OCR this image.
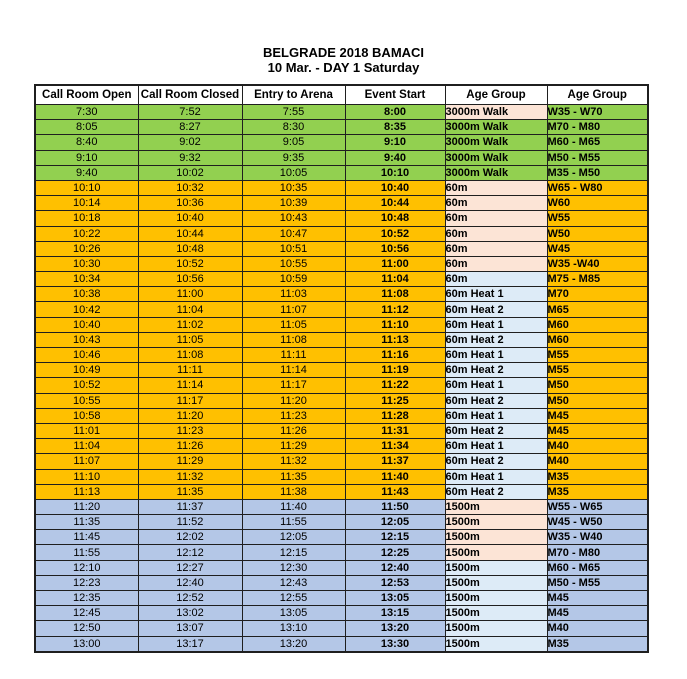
BELGRADE 2018 BAMACI
10 Mar. - DAY 1 Saturday
Call Room Open	Call Room Closed	Entry to Arena	Event Start	Age Group	Age Group
7:30	7:52	7:55	8:00	3000m Walk	W35 - W70
8:05	8:27	8:30	8:35	3000m Walk	M70 - M80
8:40	9:02	9:05	9:10	3000m Walk	M60 - M65
9:10	9:32	9:35	9:40	3000m Walk	M50 - M55
9:40	10:02	10:05	10:10	3000m Walk	M35 - M50
10:10	10:32	10:35	10:40	60m	W65 - W80
10:14	10:36	10:39	10:44	60m	W60
10:18	10:40	10:43	10:48	60m	W55
10:22	10:44	10:47	10:52	60m	W50
10:26	10:48	10:51	10:56	60m	W45
10:30	10:52	10:55	11:00	60m	W35 -W40
10:34	10:56	10:59	11:04	60m	M75 - M85
10:38	11:00	11:03	11:08	60m Heat 1	M70
10:42	11:04	11:07	11:12	60m Heat 2	M65
10:40	11:02	11:05	11:10	60m Heat 1	M60
10:43	11:05	11:08	11:13	60m Heat 2	M60
10:46	11:08	11:11	11:16	60m Heat 1	M55
10:49	11:11	11:14	11:19	60m Heat 2	M55
10:52	11:14	11:17	11:22	60m Heat 1	M50
10:55	11:17	11:20	11:25	60m Heat 2	M50
10:58	11:20	11:23	11:28	60m Heat 1	M45
11:01	11:23	11:26	11:31	60m Heat 2	M45
11:04	11:26	11:29	11:34	60m Heat 1	M40
11:07	11:29	11:32	11:37	60m Heat 2	M40
11:10	11:32	11:35	11:40	60m Heat 1	M35
11:13	11:35	11:38	11:43	60m Heat 2	M35
11:20	11:37	11:40	11:50	1500m	W55 - W65
11:35	11:52	11:55	12:05	1500m	W45 - W50
11:45	12:02	12:05	12:15	1500m	W35 - W40
11:55	12:12	12:15	12:25	1500m	M70 - M80
12:10	12:27	12:30	12:40	1500m	M60 - M65
12:23	12:40	12:43	12:53	1500m	M50 - M55
12:35	12:52	12:55	13:05	1500m	M45
12:45	13:02	13:05	13:15	1500m	M45
12:50	13:07	13:10	13:20	1500m	M40
13:00	13:17	13:20	13:30	1500m	M35
